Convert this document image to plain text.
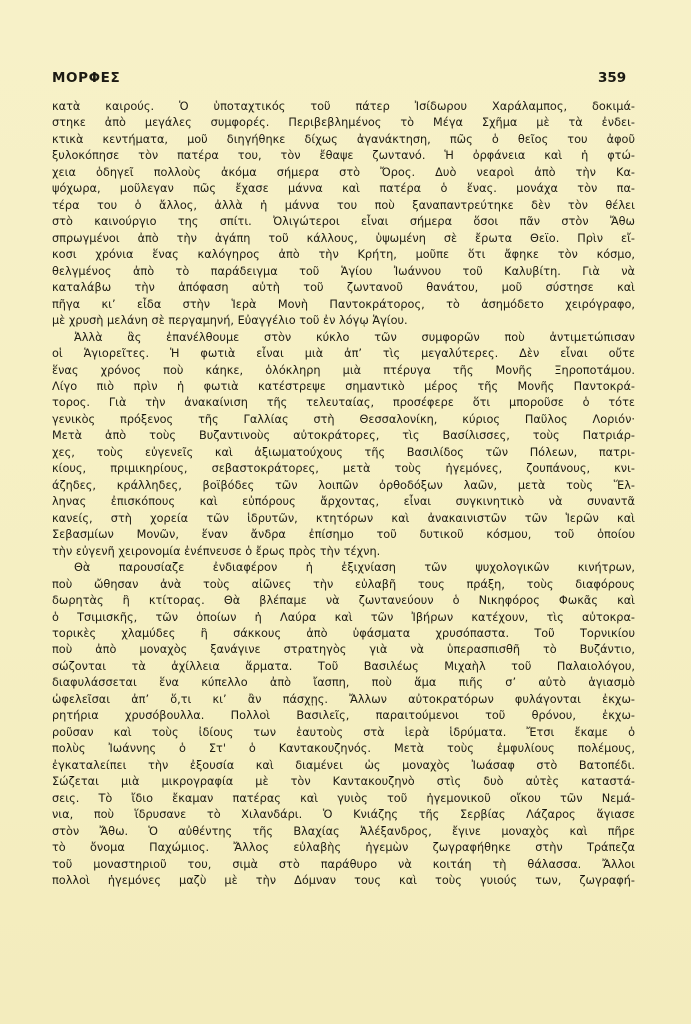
ΜΟΡΦΕΣ	359
κατὰ καιρούς. Ὁ ὑποταχτικός τοῦ πάτερ Ἰσίδωρου Χαράλαμπος, δοκιμά-
στηκε ἀπὸ μεγάλες συμφορές. Περιβεβλημένος τὸ Μέγα Σχῆμα μὲ τὰ ἐνδει-
κτικὰ κεντήματα, μοῦ διηγήθηκε δίχως ἀγανάκτηση, πῶς ὁ θεῖος του ἀφοῦ
ξυλοκόπησε τὸν πατέρα του, τὸν ἔθαψε ζωντανό. Ἡ ὀρφάνεια καὶ ἡ φτώ-
χεια ὁδηγεῖ πολλοὺς ἀκόμα σήμερα στὸ Ὄρος. Δυὸ νεαροὶ ἀπὸ τὴν Κα-
ψόχωρα, μοῦλεγαν πῶς ἔχασε μάννα καὶ πατέρα ὁ ἕνας. μονάχα τὸν πα-
τέρα του ὁ ἄλλος, ἀλλὰ ἡ μάννα του ποὺ ξαναπαντρεύτηκε δὲν τὸν θέλει
στὸ καινούργιο της σπίτι. Ὀλιγώτεροι εἶναι σήμερα ὅσοι πᾶν στὸν Ἄθω
σπρωγμένοι ἀπὸ τὴν ἀγάπη τοῦ κάλλους, ὑψωμένη σὲ ἔρωτα Θεϊο. Πρὶν εἴ-
κοσι χρόνια ἕνας καλόγηρος ἀπὸ τὴν Κρήτη, μοῦπε ὅτι ἄφηκε τὸν κόσμο,
θελγμένος ἀπὸ τὸ παράδειγμα τοῦ Ἁγίου Ἰωάννου τοῦ Καλυβίτη. Γιὰ νὰ
καταλάβω τὴν ἀπόφαση αὐτὴ τοῦ ζωντανοῦ θανάτου, μοῦ σύστησε καὶ
πῆγα κι’ εἶδα στὴν Ἱερὰ Μονὴ Παντοκράτορος, τὸ ἀσημόδετο χειρόγραφο,
μὲ χρυσὴ μελάνη σὲ περγαμηνή, Εὐαγγέλιο τοῦ ἐν λόγῳ Ἁγίου.
Ἀλλὰ ἂς ἐπανέλθουμε στὸν κύκλο τῶν συμφορῶν ποὺ ἀντιμετώπισαν
οἱ Ἁγιορεῖτες. Ἡ φωτιὰ εἶναι μιὰ ἀπ’ τὶς μεγαλύτερες. Δὲν εἶναι οὔτε
ἕνας χρόνος ποὺ κάηκε, ὁλόκληρη μιὰ πτέρυγα τῆς Μονῆς Ξηροποτάμου.
Λίγο πιὸ πρὶν ἡ φωτιὰ κατέστρεψε σημαντικὸ μέρος τῆς Μονῆς Παντοκρά-
τορος. Γιὰ τὴν ἀνακαίνιση τῆς τελευταίας, προσέφερε ὅτι μποροῦσε ὁ τότε
γενικὸς πρόξενος τῆς Γαλλίας στὴ Θεσσαλονίκη, κύριος Παῦλος Λοριόν·
Μετὰ ἀπὸ τοὺς Βυζαντινοὺς αὐτοκράτορες, τὶς Βασίλισσες, τοὺς Πατριάρ-
χες, τοὺς εὐγενεῖς καὶ ἀξιωματούχους τῆς Βασιλίδος τῶν Πόλεων, πατρι-
κίους, πριμικηρίους, σεβαστοκράτορες, μετὰ τοὺς ἡγεμόνες, ζουπάνους, κνι-
άζηδες, κράλληδες, βοϊβόδες τῶν λοιπῶν ὀρθοδόξων λαῶν, μετὰ τοὺς Ἕλ-
ληνας ἐπισκόπους καὶ εὐπόρους ἄρχοντας, εἶναι συγκινητικὸ νὰ συναντᾶ
κανείς, στὴ χορεία τῶν ἱδρυτῶν, κτητόρων καὶ ἀνακαινιστῶν τῶν Ἱερῶν καὶ
Σεβασμίων Μονῶν, ἕναν ἄνδρα ἐπίσημο τοῦ δυτικοῦ κόσμου, τοῦ ὁποίου
τὴν εὐγενῆ χειρονομία ἐνέπνευσε ὁ ἔρως πρὸς τὴν τέχνη.
Θὰ παρουσίαζε ἐνδιαφέρον ἡ ἐξιχνίαση τῶν ψυχολογικῶν κινήτρων,
ποὺ ὤθησαν ἀνὰ τοὺς αἰῶνες τὴν εὐλαβῆ τους πράξη, τοὺς διαφόρους
δωρητὰς ἢ κτίτορας. Θὰ βλέπαμε νὰ ζωντανεύουν ὁ Νικηφόρος Φωκᾶς καὶ
ὁ Τσιμισκῆς, τῶν ὁποίων ἡ Λαύρα καὶ τῶν Ἰβήρων κατέχουν, τὶς αὐτοκρα-
τορικὲς χλαμύδες ἢ σάκκους ἀπὸ ὑφάσματα χρυσόπαστα. Τοῦ Τορνικίου
ποὺ ἀπὸ μοναχὸς ξανάγινε στρατηγὸς γιὰ νὰ ὑπερασπισθῆ τὸ Βυζάντιο,
σώζονται τὰ ἀχίλλεια ἅρματα. Τοῦ Βασιλέως Μιχαὴλ τοῦ Παλαιολόγου,
διαφυλάσσεται ἕνα κύπελλο ἀπὸ ἴασπη, ποὺ ἅμα πιῆς σ’ αὐτὸ ἁγιασμὸ
ὠφελεῖσαι ἀπ’ ὅ,τι κι’ ἂν πάσχῃς. Ἄλλων αὐτοκρατόρων φυλάγονται ἐκχω-
ρητήρια χρυσόβουλλα. Πολλοὶ Βασιλεῖς, παραιτούμενοι τοῦ θρόνου, ἐκχω-
ροῦσαν καὶ τοὺς ἰδίους των ἑαυτοὺς στὰ ἱερὰ ἱδρύματα. Ἔτσι ἔκαμε ὁ
πολὺς Ἰωάννης ὁ Στ' ὁ Καντακουζηνός. Μετὰ τοὺς ἐμφυλίους πολέμους,
ἐγκαταλείπει τὴν ἐξουσία καὶ διαμένει ὡς μοναχὸς Ἰωάσαφ στὸ Βατοπέδι.
Σώζεται μιὰ μικρογραφία μὲ τὸν Καντακουζηνὸ στὶς δυὸ αὐτὲς καταστά-
σεις. Τὸ ἴδιο ἔκαμαν πατέρας καὶ γυιὸς τοῦ ἡγεμονικοῦ οἴκου τῶν Νεμά-
νια, ποὺ ἵδρυσανε τὸ Χιλανδάρι. Ὁ Κνιάζης τῆς Σερβίας Λάζαρος ἅγιασε
στὸν Ἄθω. Ὁ αὐθέντης τῆς Βλαχίας Ἀλέξανδρος, ἔγινε μοναχὸς καὶ πῆρε
τὸ ὄνομα Παχώμιος. Ἄλλος εὐλαβὴς ἡγεμὼν ζωγραφήθηκε στὴν Τράπεζα
τοῦ μοναστηριοῦ του, σιμὰ στὸ παράθυρο νὰ κοιτάη τὴ θάλασσα. Ἄλλοι
πολλοὶ ἡγεμόνες μαζὺ μὲ τὴν Δόμναν τους καὶ τοὺς γυιούς των, ζωγραφή-
